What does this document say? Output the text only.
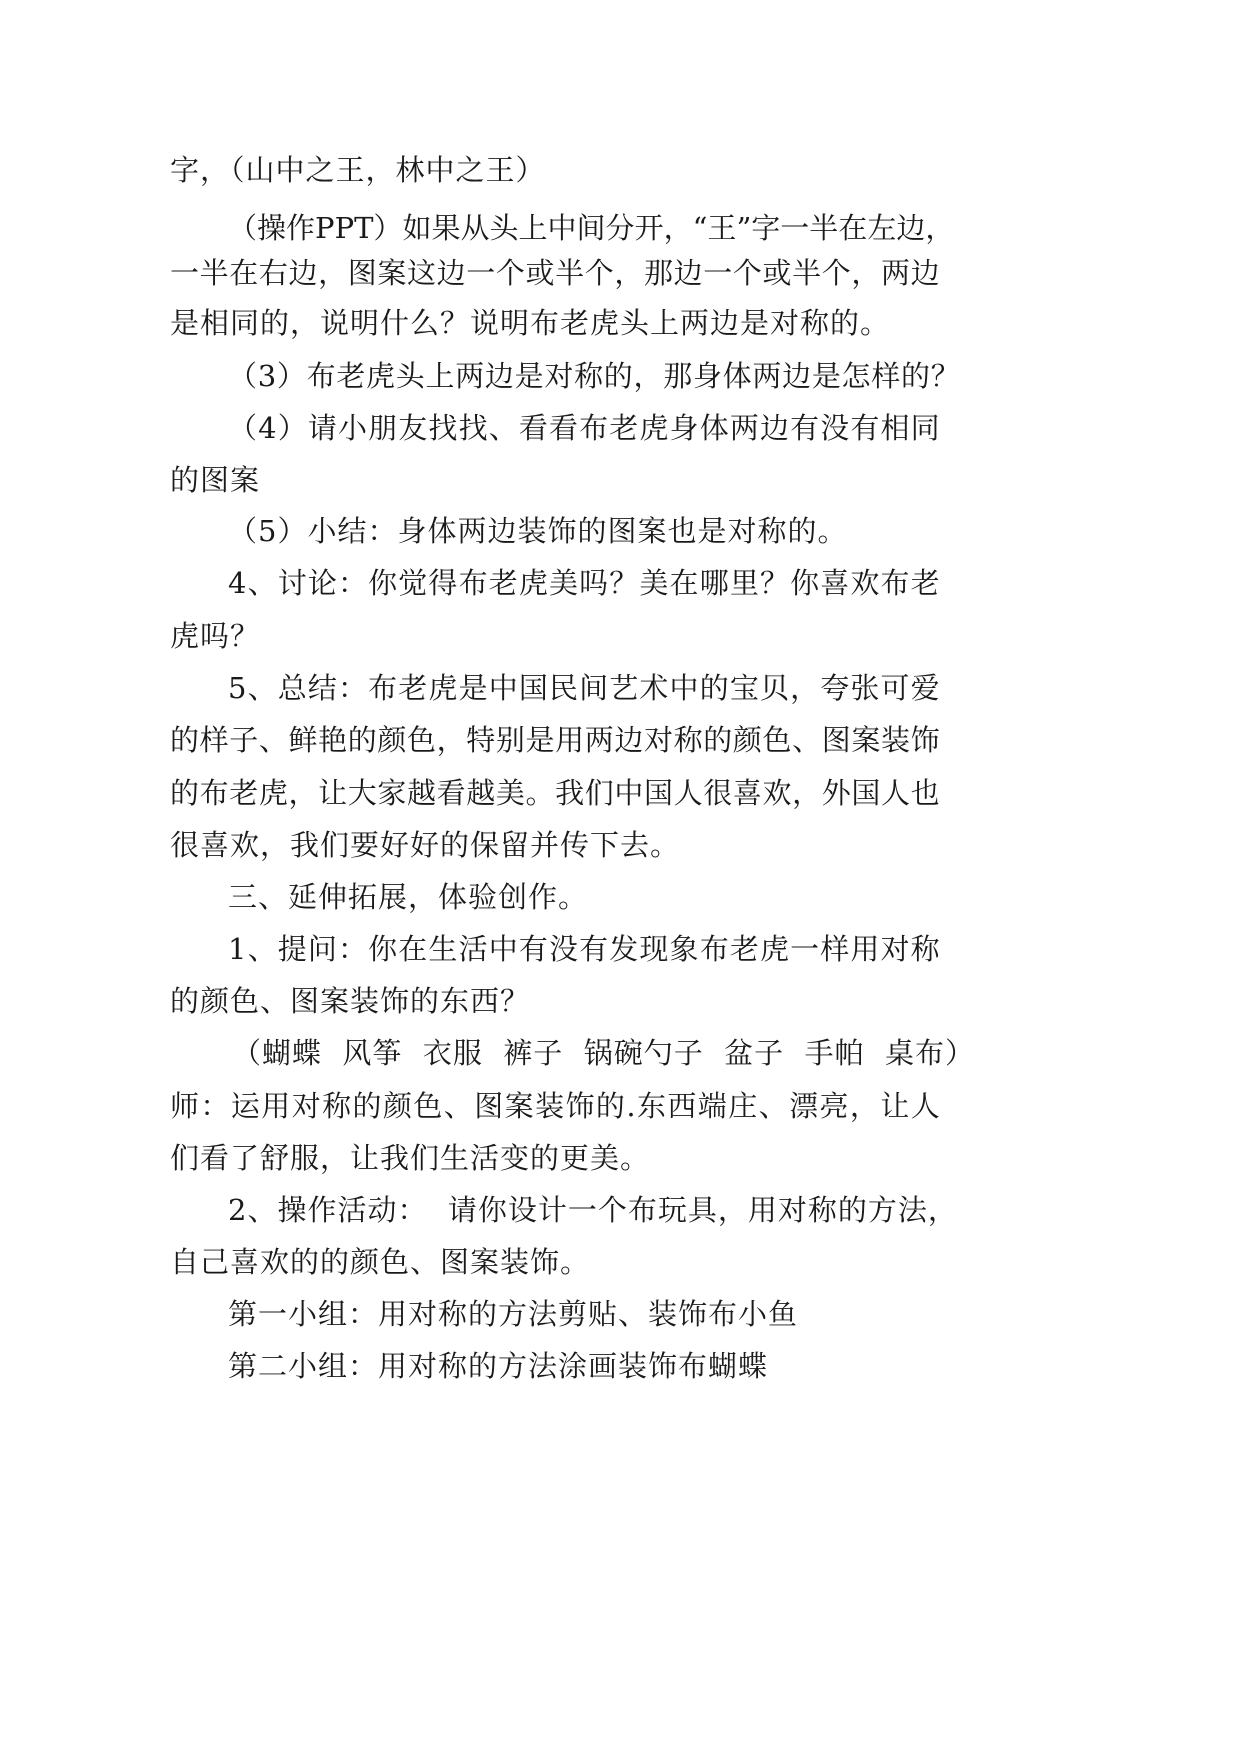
字，（山中之王，林中之王）
（ 操 作 P P T ） 如 果 从 头 上 中 间 分 开 ， “ 王 ” 字 一 半 在 左 边 ，
一 半 在 右 边 ， 图 案 这 边 一 个 或 半 个 ， 那 边 一 个 或 半 个 ， 两 边
是相同的，说明什么？说明布老虎头上两边是对称的。
（ 3 ） 布 老 虎 头 上 两 边 是 对 称 的 ， 那 身 体 两 边 是 怎 样 的 ？
（ 4 ） 请 小 朋 友 找 找 、 看 看 布 老 虎 身 体 两 边 有 没 有 相 同
的图案
（5）小结：身体两边装饰的图案也是对称的。
4 、 讨 论 ： 你 觉 得 布 老 虎 美 吗 ？ 美 在 哪 里 ？ 你 喜 欢 布 老
虎吗？
5 、 总 结 ： 布 老 虎 是 中 国 民 间 艺 术 中 的 宝 贝 ， 夸 张 可 爱
的 样 子 、 鲜 艳 的 颜 色 ， 特 别 是 用 两 边 对 称 的 颜 色 、 图 案 装 饰
的 布 老 虎 ， 让 大 家 越 看 越 美 。 我 们 中 国 人 很 喜 欢 ， 外 国 人 也
很喜欢，我们要好好的保留并传下去。
三、延伸拓展，体验创作。
1 、 提 问 ： 你 在 生 活 中 有 没 有 发 现 象 布 老 虎 一 样 用 对 称
的颜色、图案装饰的东西？
（蝴蝶  风筝  衣服  裤子  锅碗勺子  盆子  手帕  桌布）
师 ： 运 用 对 称 的 颜 色 、 图 案 装 饰 的 . 东 西 端 庄 、 漂 亮 ， 让 人
们看了舒服，让我们生活变的更美。
2、操作活动：  请你设计一个布玩具，用对称的方法，
自己喜欢的的颜色、图案装饰。
第一小组：用对称的方法剪贴、装饰布小鱼
第二小组：用对称的方法涂画装饰布蝴蝶
